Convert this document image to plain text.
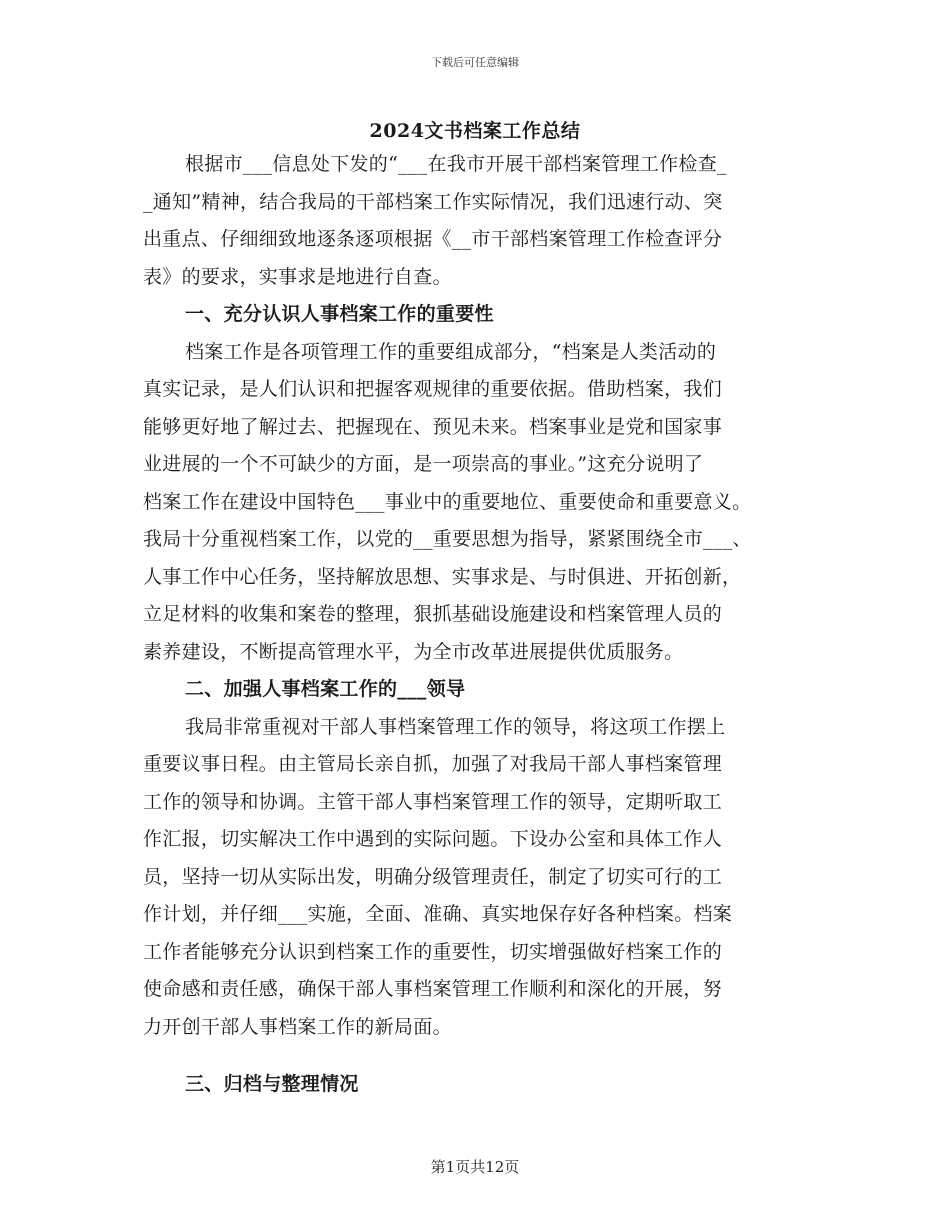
下载后可任意编辑
2024文书档案工作总结
根据市___信息处下发的“___在我市开展干部档案管理工作检查_
_通知”精神，结合我局的干部档案工作实际情况，我们迅速行动、突
出重点、仔细细致地逐条逐项根据《__市干部档案管理工作检查评分
表》的要求，实事求是地进行自查。
一、充分认识人事档案工作的重要性
档案工作是各项管理工作的重要组成部分，“档案是人类活动的
真实记录，是人们认识和把握客观规律的重要依据。借助档案，我们
能够更好地了解过去、把握现在、预见未来。档案事业是党和国家事
业进展的一个不可缺少的方面，是一项崇高的事业。”这充分说明了
档案工作在建设中国特色___事业中的重要地位、重要使命和重要意义。
我局十分重视档案工作，以党的__重要思想为指导，紧紧围绕全市___、
人事工作中心任务，坚持解放思想、实事求是、与时俱进、开拓创新，
立足材料的收集和案卷的整理，狠抓基础设施建设和档案管理人员的
素养建设，不断提高管理水平，为全市改革进展提供优质服务。
二、加强人事档案工作的___领导
我局非常重视对干部人事档案管理工作的领导，将这项工作摆上
重要议事日程。由主管局长亲自抓，加强了对我局干部人事档案管理
工作的领导和协调。主管干部人事档案管理工作的领导，定期听取工
作汇报，切实解决工作中遇到的实际问题。下设办公室和具体工作人
员，坚持一切从实际出发，明确分级管理责任，制定了切实可行的工
作计划，并仔细___实施，全面、准确、真实地保存好各种档案。档案
工作者能够充分认识到档案工作的重要性，切实增强做好档案工作的
使命感和责任感，确保干部人事档案管理工作顺利和深化的开展，努
力开创干部人事档案工作的新局面。
三、归档与整理情况
第1页共12页
